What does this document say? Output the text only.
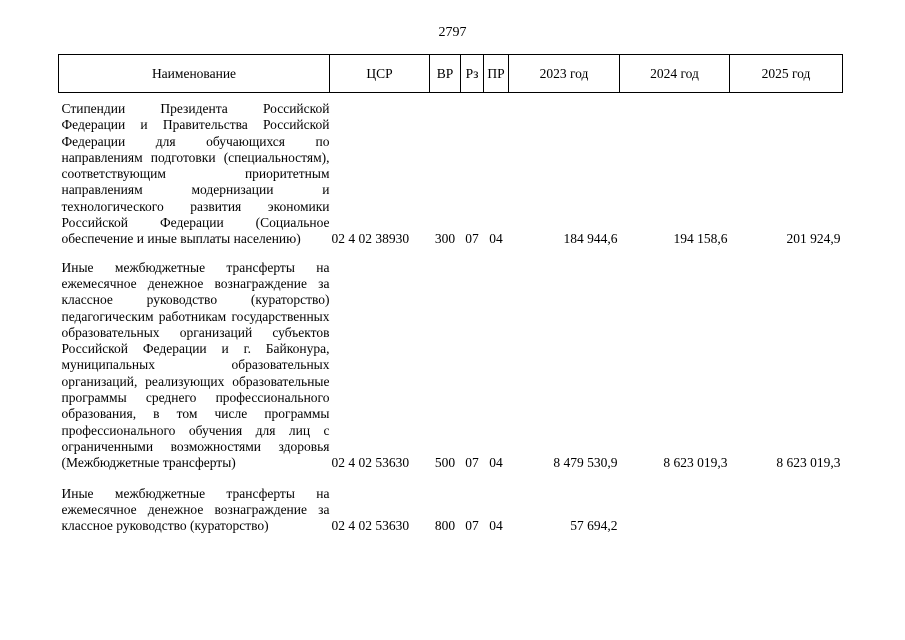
2797
Наименование	ЦСР	ВР	Рз	ПР	2023 год	2024 год	2025 год
Стипендии Президента Российской Федерации и Правительства Российской Федерации для обучающихся по направлениям подготовки (специальностям), соответствующим приоритетным направлениям модернизации и технологического развития экономики Российской Федерации (Социальное обеспечение и иные выплаты населению)	02 4 02 38930	300	07	04	184 944,6	194 158,6	201 924,9
Иные межбюджетные трансферты на ежемесячное денежное вознаграждение за классное руководство (кураторство) педагогическим работникам государственных образовательных организаций субъектов Российской Федерации и г. Байконура, муниципальных образовательных организаций, реализующих образовательные программы среднего профессионального образования, в том числе программы профессионального обучения для лиц с ограниченными возможностями здоровья (Межбюджетные трансферты)	02 4 02 53630	500	07	04	8 479 530,9	8 623 019,3	8 623 019,3
Иные межбюджетные трансферты на ежемесячное денежное вознаграждение за классное руководство (кураторство)	02 4 02 53630	800	07	04	57 694,2		
